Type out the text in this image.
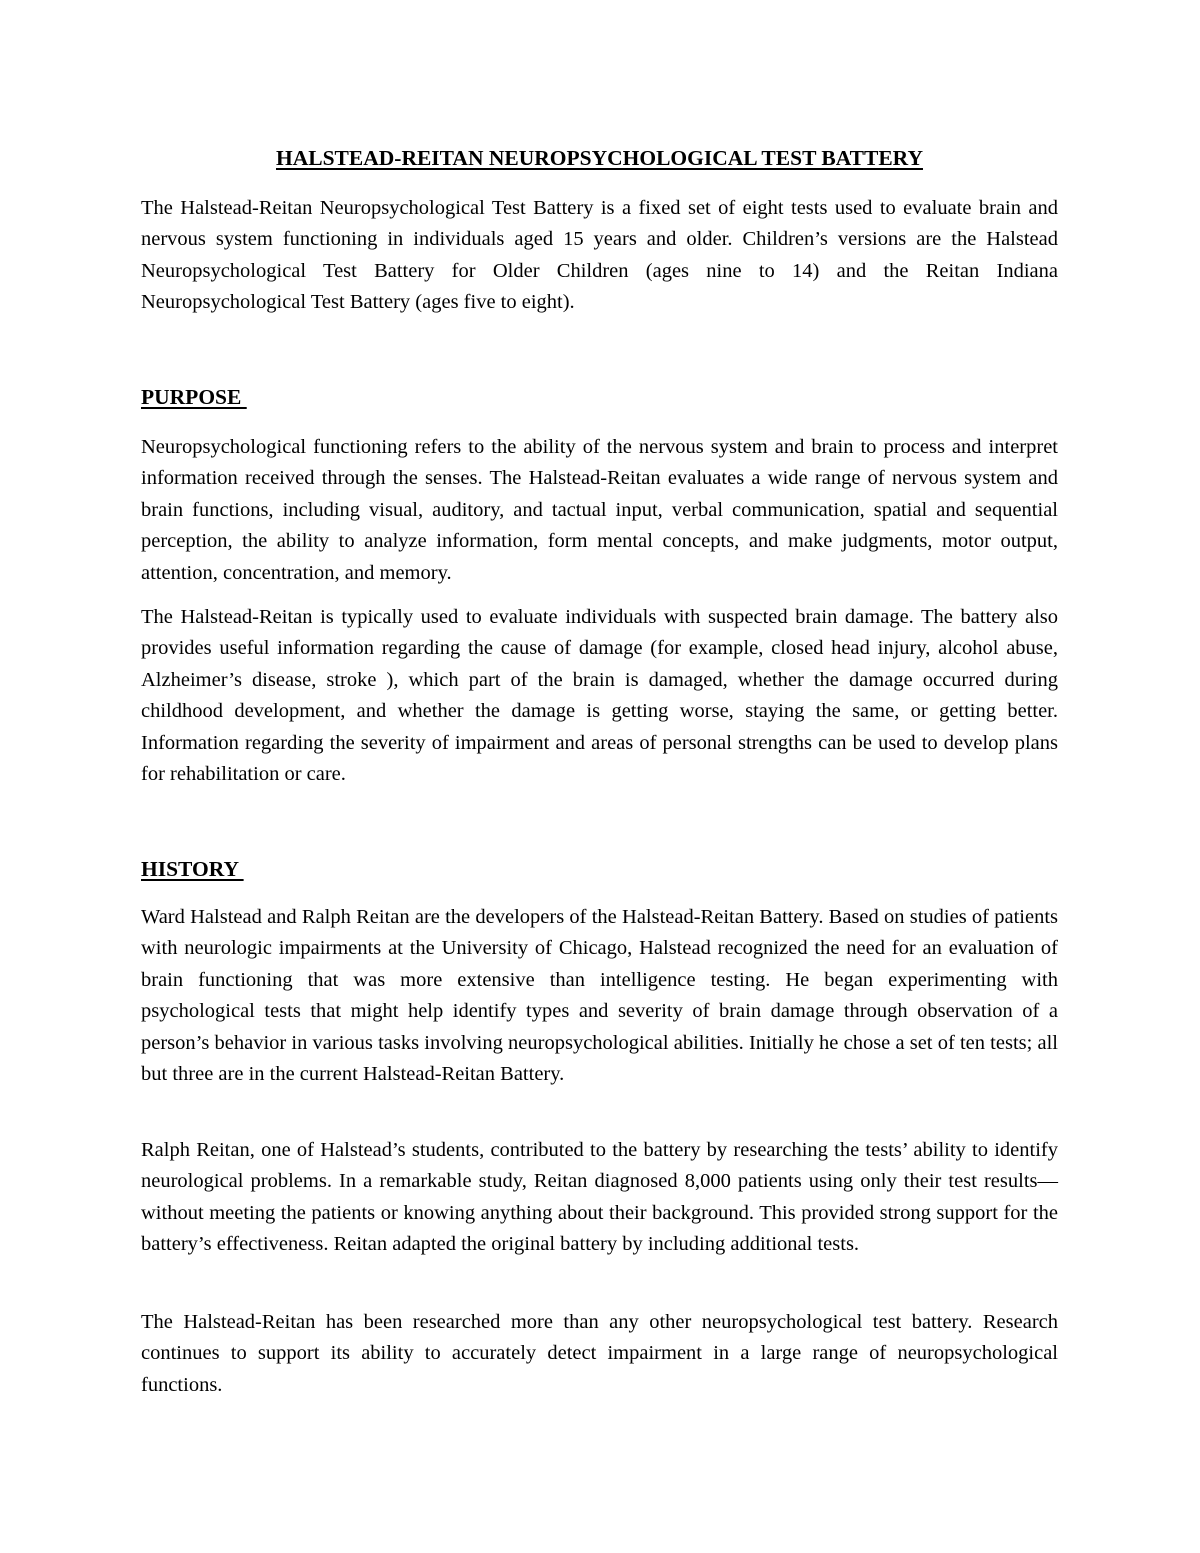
HALSTEAD-REITAN NEUROPSYCHOLOGICAL TEST BATTERY

The Halstead-Reitan Neuropsychological Test Battery is a fixed set of eight tests used to evaluate brain and nervous system functioning in individuals aged 15 years and older. Children’s versions are the Halstead Neuropsychological Test Battery for Older Children (ages nine to 14) and the Reitan Indiana Neuropsychological Test Battery (ages five to eight).

PURPOSE

Neuropsychological functioning refers to the ability of the nervous system and brain to process and interpret information received through the senses. The Halstead-Reitan evaluates a wide range of nervous system and brain functions, including visual, auditory, and tactual input, verbal communication, spatial and sequential perception, the ability to analyze information, form mental concepts, and make judgments, motor output, attention, concentration, and memory.

The Halstead-Reitan is typically used to evaluate individuals with suspected brain damage. The battery also provides useful information regarding the cause of damage (for example, closed head injury, alcohol abuse, Alzheimer’s disease, stroke ), which part of the brain is damaged, whether the damage occurred during childhood development, and whether the damage is getting worse, staying the same, or getting better. Information regarding the severity of impairment and areas of personal strengths can be used to develop plans for rehabilitation or care.

HISTORY

Ward Halstead and Ralph Reitan are the developers of the Halstead-Reitan Battery. Based on studies of patients with neurologic impairments at the University of Chicago, Halstead recognized the need for an evaluation of brain functioning that was more extensive than intelligence testing. He began experimenting with psychological tests that might help identify types and severity of brain damage through observation of a person’s behavior in various tasks involving neuropsychological abilities. Initially he chose a set of ten tests; all but three are in the current Halstead-Reitan Battery.

Ralph Reitan, one of Halstead’s students, contributed to the battery by researching the tests’ ability to identify neurological problems. In a remarkable study, Reitan diagnosed 8,000 patients using only their test results—without meeting the patients or knowing anything about their background. This provided strong support for the battery’s effectiveness. Reitan adapted the original battery by including additional tests.

The Halstead-Reitan has been researched more than any other neuropsychological test battery. Research continues to support its ability to accurately detect impairment in a large range of neuropsychological functions.
